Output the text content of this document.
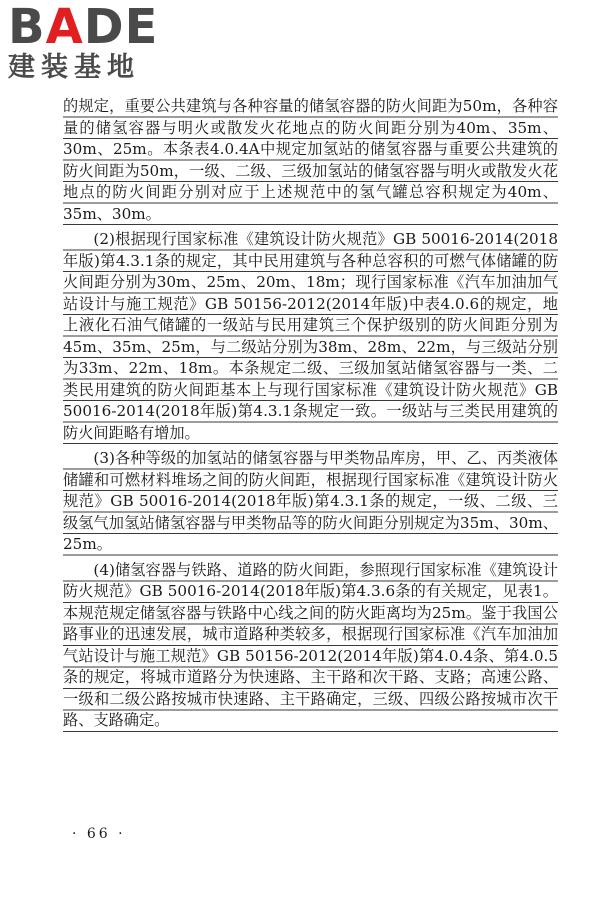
BADE
建装基地

的规定，重要公共建筑与各种容量的储氢容器的防火间距为50m，各种容量的储氢容器与明火或散发火花地点的防火间距分别为40m、35m、30m、25m。本条表4.0.4A中规定加氢站的储氢容器与重要公共建筑的防火间距为50m，一级、二级、三级加氢站的储氢容器与明火或散发火花地点的防火间距分别对应于上述规范中的氢气罐总容积规定为40m、35m、30m。

(2)根据现行国家标准《建筑设计防火规范》GB 50016-2014(2018年版)第4.3.1条的规定，其中民用建筑与各种总容积的可燃气体储罐的防火间距分别为30m、25m、20m、18m；现行国家标准《汽车加油加气站设计与施工规范》GB 50156-2012(2014年版)中表4.0.6的规定，地上液化石油气储罐的一级站与民用建筑三个保护级别的防火间距分别为45m、35m、25m，与二级站分别为38m、28m、22m，与三级站分别为33m、22m、18m。本条规定二级、三级加氢站储氢容器与一类、二类民用建筑的防火间距基本上与现行国家标准《建筑设计防火规范》GB 50016-2014(2018年版)第4.3.1条规定一致。一级站与三类民用建筑的防火间距略有增加。

(3)各种等级的加氢站的储氢容器与甲类物品库房，甲、乙、丙类液体储罐和可燃材料堆场之间的防火间距，根据现行国家标准《建筑设计防火规范》GB 50016-2014(2018年版)第4.3.1条的规定，一级、二级、三级氢气加氢站储氢容器与甲类物品等的防火间距分别规定为35m、30m、25m。

(4)储氢容器与铁路、道路的防火间距，参照现行国家标准《建筑设计防火规范》GB 50016-2014(2018年版)第4.3.6条的有关规定，见表1。本规范规定储氢容器与铁路中心线之间的防火距离均为25m。鉴于我国公路事业的迅速发展，城市道路种类较多，根据现行国家标准《汽车加油加气站设计与施工规范》GB 50156-2012(2014年版)第4.0.4条、第4.0.5条的规定，将城市道路分为快速路、主干路和次干路、支路；高速公路、一级和二级公路按城市快速路、主干路确定，三级、四级公路按城市次干路、支路确定。

· 66 ·
